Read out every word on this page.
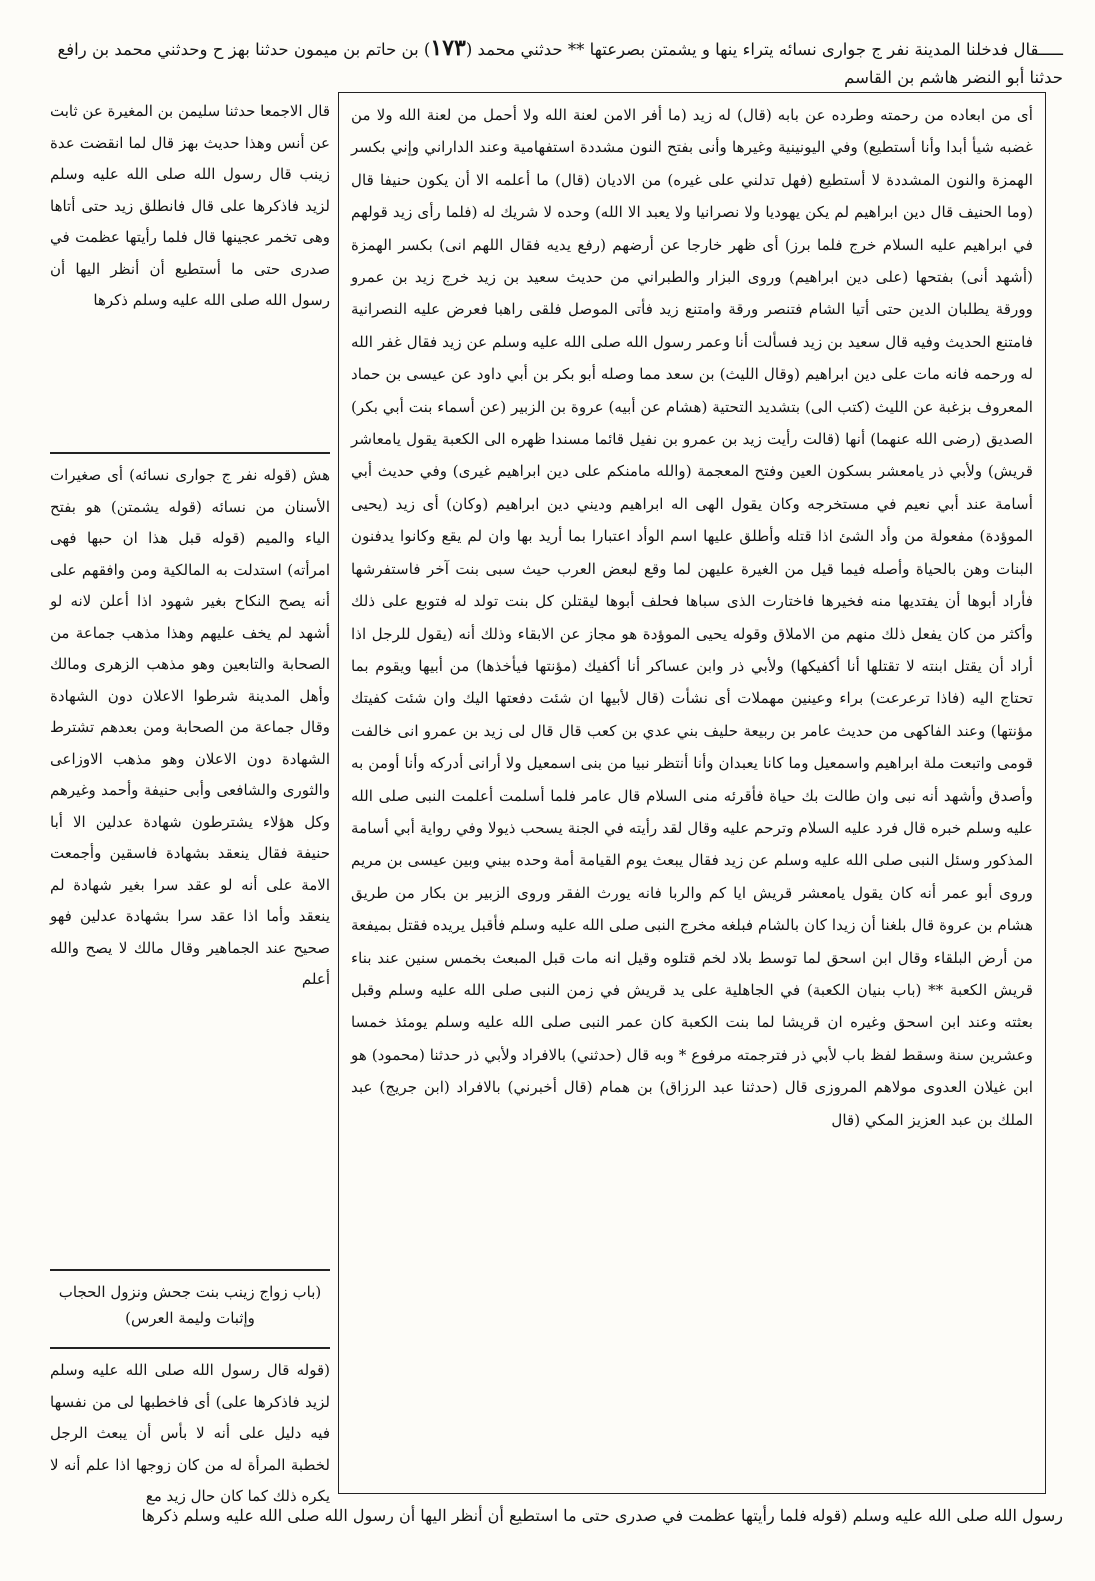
ـــــقال فدخلنا المدينة نفر ج جوارى نسائه يتراء ينها و يشمتن بصرعتها ** حدثني محمد (١٧٣) بن حاتم بن ميمون حدثنا بهز ح وحدثني محمد بن رافع حدثنا أبو النضر هاشم بن القاسم

أى من ابعاده من رحمته وطرده عن بابه (قال) له زيد (ما أفر الامن لعنة الله ولا أحمل من لعنة الله ولا من غضبه شيأ أبدا وأنا أستطيع) وفي اليونينية وغيرها وأنى بفتح النون مشددة استفهامية وعند الداراني وإني بكسر الهمزة والنون المشددة لا أستطيع (فهل تدلني على غيره) من الاديان (قال) ما أعلمه الا أن يكون حنيفا قال (وما الحنيف قال دين ابراهيم لم يكن يهوديا ولا نصرانيا ولا يعبد الا الله) وحده لا شريك له (فلما رأى زيد قولهم في ابراهيم عليه السلام خرج فلما برز) أى ظهر خارجا عن أرضهم (رفع يديه فقال اللهم انى) بكسر الهمزة (أشهد أنى) بفتحها (على دين ابراهيم) وروى البزار والطبراني من حديث سعيد بن زيد خرج زيد بن عمرو وورقة يطلبان الدين حتى أتيا الشام فتنصر ورقة وامتنع زيد فأتى الموصل فلقى راهبا فعرض عليه النصرانية فامتنع الحديث وفيه قال سعيد بن زيد فسألت أنا وعمر رسول الله صلى الله عليه وسلم عن زيد فقال غفر الله له ورحمه فانه مات على دين ابراهيم (وقال الليث) بن سعد مما وصله أبو بكر بن أبي داود عن عيسى بن حماد المعروف بزغبة عن الليث (كتب الى) بتشديد التحتية (هشام عن أبيه) عروة بن الزبير (عن أسماء بنت أبي بكر) الصديق (رضى الله عنهما) أنها (قالت رأيت زيد بن عمرو بن نفيل قائما مسندا ظهره الى الكعبة يقول يامعاشر قريش) ولأبي ذر يامعشر بسكون العين وفتح المعجمة (والله مامنكم على دين ابراهيم غيرى) وفي حديث أبي أسامة عند أبي نعيم في مستخرجه وكان يقول الهى اله ابراهيم وديني دين ابراهيم (وكان) أى زيد (يحيى الموؤدة) مفعولة من وأد الشئ اذا قتله وأطلق عليها اسم الوأد اعتبارا بما أريد بها وان لم يقع وكانوا يدفنون البنات وهن بالحياة وأصله فيما قيل من الغيرة عليهن لما وقع لبعض العرب حيث سبى بنت آخر فاستفرشها فأراد أبوها أن يفتديها منه فخيرها فاختارت الذى سباها فحلف أبوها ليقتلن كل بنت تولد له فتوبع على ذلك وأكثر من كان يفعل ذلك منهم من الاملاق وقوله يحيى الموؤدة هو مجاز عن الابقاء وذلك أنه (يقول للرجل اذا أراد أن يقتل ابنته لا تقتلها أنا أكفيكها) ولأبي ذر وابن عساكر أنا أكفيك (مؤنتها فيأخذها) من أبيها ويقوم بما تحتاج اليه (فاذا ترعرعت) براء وعينين مهملات أى نشأت (قال لأبيها ان شئت دفعتها اليك وان شئت كفيتك مؤنتها) وعند الفاكهى من حديث عامر بن ربيعة حليف بني عدي بن كعب قال قال لى زيد بن عمرو انى خالفت قومى واتبعت ملة ابراهيم واسمعيل وما كانا يعبدان وأنا أنتظر نبيا من بنى اسمعيل ولا أرانى أدركه وأنا أومن به وأصدق وأشهد أنه نبى وان طالت بك حياة فأقرئه منى السلام قال عامر فلما أسلمت أعلمت النبى صلى الله عليه وسلم خبره قال فرد عليه السلام وترحم عليه وقال لقد رأيته في الجنة يسحب ذيولا وفي رواية أبي أسامة المذكور وسئل النبى صلى الله عليه وسلم عن زيد فقال يبعث يوم القيامة أمة وحده بيني وبين عيسى بن مريم وروى أبو عمر أنه كان يقول يامعشر قريش ايا كم والربا فانه يورث الفقر وروى الزبير بن بكار من طريق هشام بن عروة قال بلغنا أن زيدا كان بالشام فبلغه مخرج النبى صلى الله عليه وسلم فأقبل يريده فقتل بميفعة من أرض البلقاء وقال ابن اسحق لما توسط بلاد لخم قتلوه وقيل انه مات قبل المبعث بخمس سنين عند بناء قريش الكعبة ** (باب بنيان الكعبة) في الجاهلية على يد قريش في زمن النبى صلى الله عليه وسلم وقبل بعثته وعند ابن اسحق وغيره ان قريشا لما بنت الكعبة كان عمر النبى صلى الله عليه وسلم يومئذ خمسا وعشرين سنة وسقط لفظ باب لأبي ذر فترجمته مرفوع * وبه قال (حدثني) بالافراد ولأبي ذر حدثنا (محمود) هو ابن غيلان العدوى مولاهم المروزى قال (حدثنا عبد الرزاق) بن همام (قال أخبرني) بالافراد (ابن جريج) عبد الملك بن عبد العزيز المكي (قال

قال الاجمعا حدثنا سليمن بن المغيرة عن ثابت عن أنس وهذا حديث بهز قال لما انقضت عدة زينب قال رسول الله صلى الله عليه وسلم لزيد فاذكرها على قال فانطلق زيد حتى أتاها وهى تخمر عجينها قال فلما رأيتها عظمت في صدرى حتى ما أستطيع أن أنظر اليها أن رسول الله صلى الله عليه وسلم ذكرها

هش (قوله نفر ج جوارى نسائه) أى صغيرات الأسنان من نسائه (قوله يشمتن) هو بفتح الياء والميم (قوله قبل هذا ان حبها فهى امرأته) استدلت به المالكية ومن وافقهم على أنه يصح النكاح بغير شهود اذا أعلن لانه لو أشهد لم يخف عليهم وهذا مذهب جماعة من الصحابة والتابعين وهو مذهب الزهرى ومالك وأهل المدينة شرطوا الاعلان دون الشهادة وقال جماعة من الصحابة ومن بعدهم تشترط الشهادة دون الاعلان وهو مذهب الاوزاعى والثورى والشافعى وأبى حنيفة وأحمد وغيرهم وكل هؤلاء يشترطون شهادة عدلين الا أبا حنيفة فقال ينعقد بشهادة فاسقين وأجمعت الامة على أنه لو عقد سرا بغير شهادة لم ينعقد وأما اذا عقد سرا بشهادة عدلين فهو صحيح عند الجماهير وقال مالك لا يصح والله أعلم

(باب زواج زينب بنت جحش ونزول الحجاب وإثبات وليمة العرس)

(قوله قال رسول الله صلى الله عليه وسلم لزيد فاذكرها على) أى فاخطبها لى من نفسها فيه دليل على أنه لا بأس أن يبعث الرجل لخطبة المرأة له من كان زوجها اذا علم أنه لا يكره ذلك كما كان حال زيد مع

رسول الله صلى الله عليه وسلم (قوله فلما رأيتها عظمت في صدرى حتى ما استطيع أن أنظر اليها أن رسول الله صلى الله عليه وسلم ذكرها
